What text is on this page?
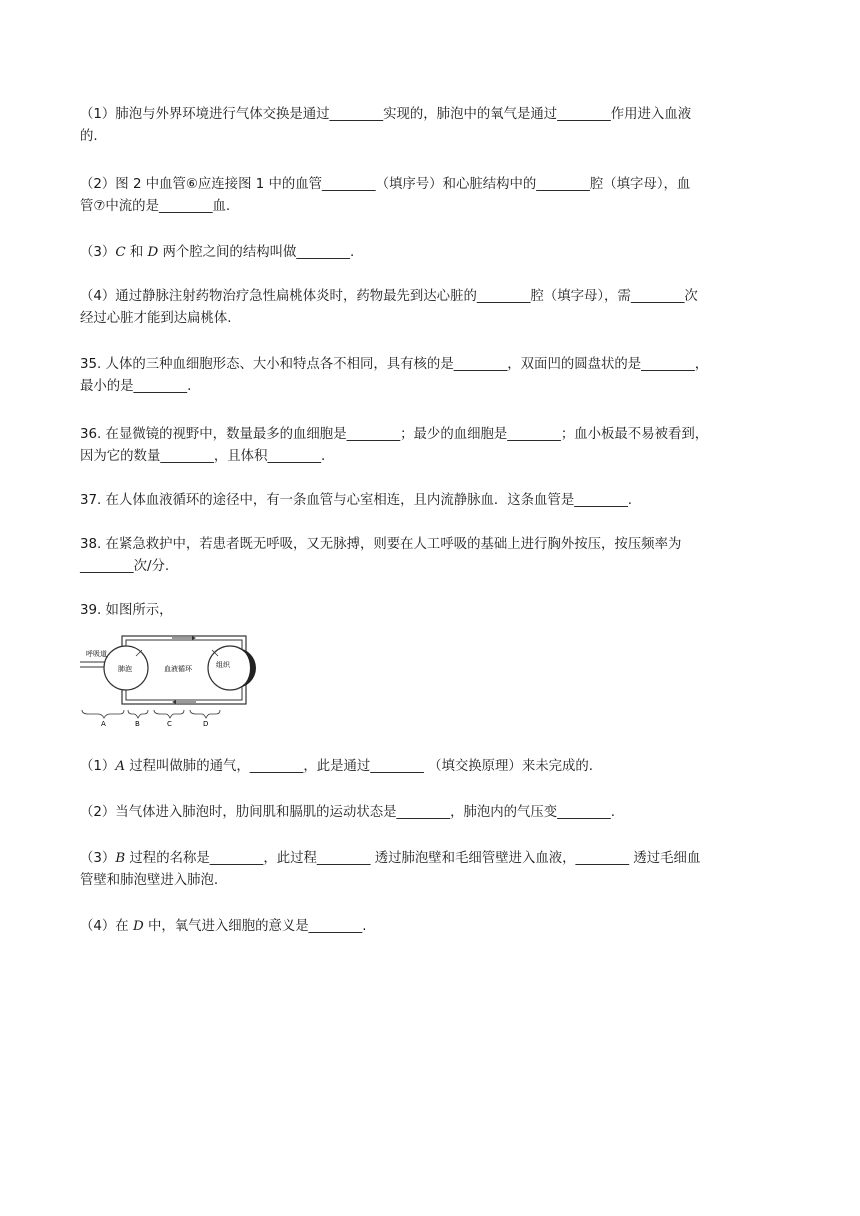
（1）肺泡与外界环境进行气体交换是通过________实现的，肺泡中的氧气是通过________作用进入血液

的.

（2）图 2 中血管⑥应连接图 1 中的血管________（填序号）和心脏结构中的________腔（填字母），血

管⑦中流的是________血.

（3）C 和 D 两个腔之间的结构叫做________.

（4）通过静脉注射药物治疗急性扁桃体炎时，药物最先到达心脏的________腔（填字母），需________次

经过心脏才能到达扁桃体.

35. 人体的三种血细胞形态、大小和特点各不相同，具有核的是________，双面凹的圆盘状的是________，

最小的是________.

36. 在显微镜的视野中，数量最多的血细胞是________；最少的血细胞是________；血小板最不易被看到，

因为它的数量________，且体积________.

37. 在人体血液循环的途径中，有一条血管与心室相连，且内流静脉血．这条血管是________.

38. 在紧急救护中，若患者既无呼吸，又无脉搏，则要在人工呼吸的基础上进行胸外按压，按压频率为

________次/分.

39. 如图所示，

呼吸道
肺泡	血液循环	组织
A	B	C	D

（1）A 过程叫做肺的通气，________，此是通过________ （填交换原理）来未完成的.

（2）当气体进入肺泡时，肋间肌和膈肌的运动状态是________，肺泡内的气压变________.

（3）B 过程的名称是________，此过程________ 透过肺泡壁和毛细管壁进入血液，________ 透过毛细血

管壁和肺泡壁进入肺泡.

（4）在 D 中，氧气进入细胞的意义是________.
